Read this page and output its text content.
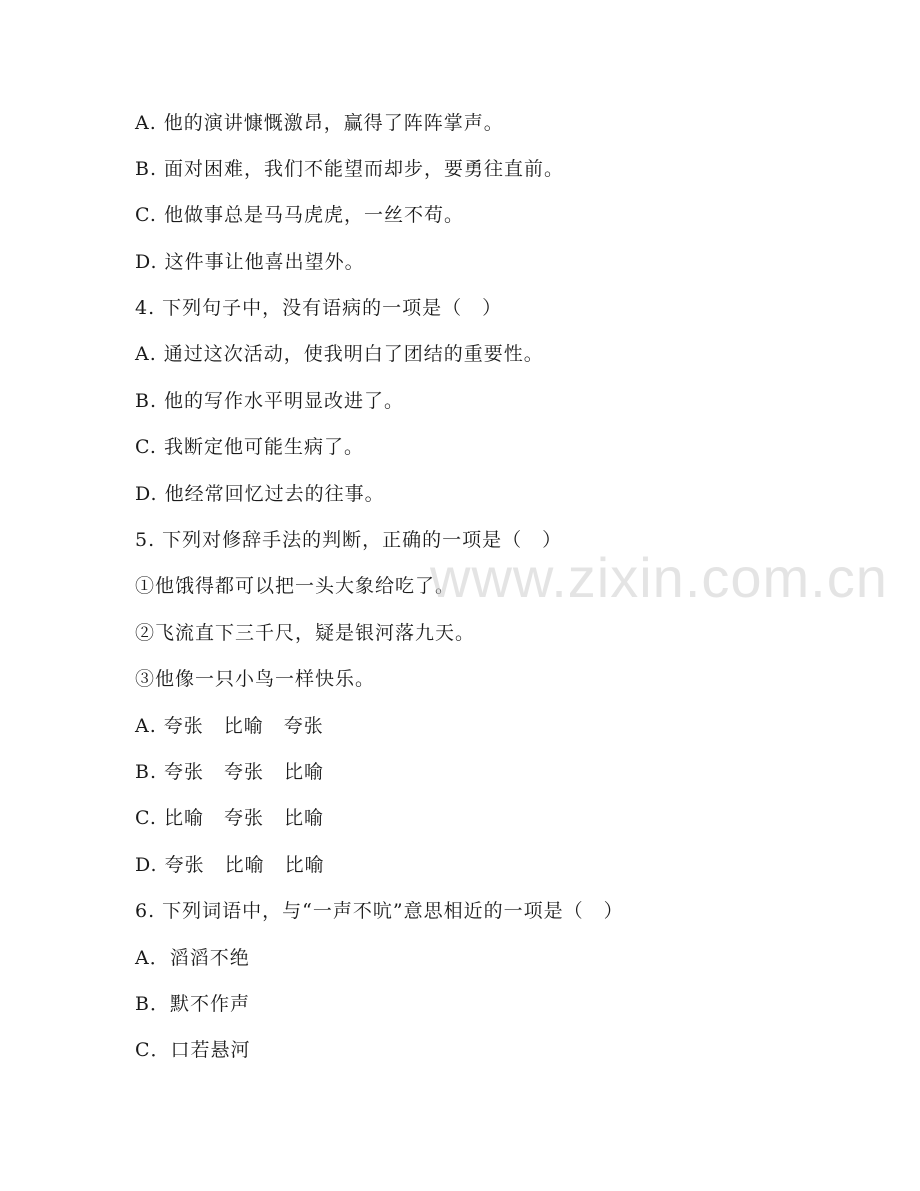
A. 他的演讲慷慨激昂，赢得了阵阵掌声。
B. 面对困难，我们不能望而却步，要勇往直前。
C. 他做事总是马马虎虎，一丝不苟。
D. 这件事让他喜出望外。
4. 下列句子中，没有语病的一项是（　）
A. 通过这次活动，使我明白了团结的重要性。
B. 他的写作水平明显改进了。
C. 我断定他可能生病了。
D. 他经常回忆过去的往事。
5. 下列对修辞手法的判断，正确的一项是（　）
①他饿得都可以把一头大象给吃了。
②飞流直下三千尺，疑是银河落九天。
③他像一只小鸟一样快乐。
A. 夸张　比喻　夸张
B. 夸张　夸张　比喻
C. 比喻　夸张　比喻
D. 夸张　比喻　比喻
6. 下列词语中，与“一声不吭”意思相近的一项是（　）
A．滔滔不绝
B．默不作声
C．口若悬河
www.zixin.com.cn
